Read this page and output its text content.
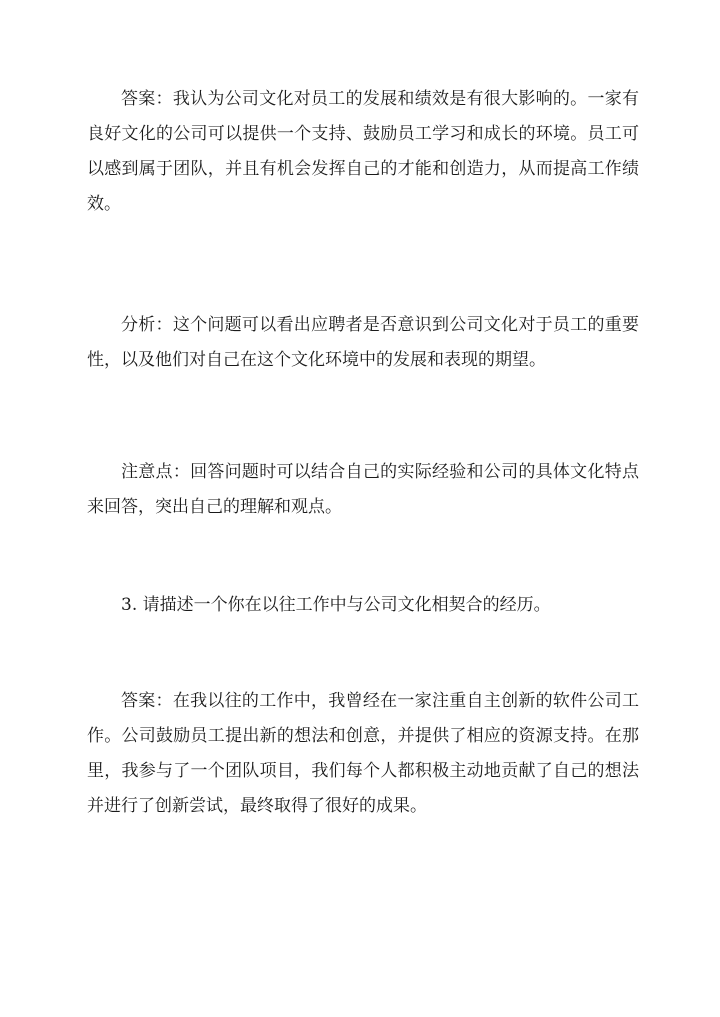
答案：我认为公司文化对员工的发展和绩效是有很大影响的。一家有良好文化的公司可以提供一个支持、鼓励员工学习和成长的环境。员工可以感到属于团队，并且有机会发挥自己的才能和创造力，从而提高工作绩效。

分析：这个问题可以看出应聘者是否意识到公司文化对于员工的重要性，以及他们对自己在这个文化环境中的发展和表现的期望。

注意点：回答问题时可以结合自己的实际经验和公司的具体文化特点来回答，突出自己的理解和观点。

3. 请描述一个你在以往工作中与公司文化相契合的经历。

答案：在我以往的工作中，我曾经在一家注重自主创新的软件公司工作。公司鼓励员工提出新的想法和创意，并提供了相应的资源支持。在那里，我参与了一个团队项目，我们每个人都积极主动地贡献了自己的想法并进行了创新尝试，最终取得了很好的成果。
